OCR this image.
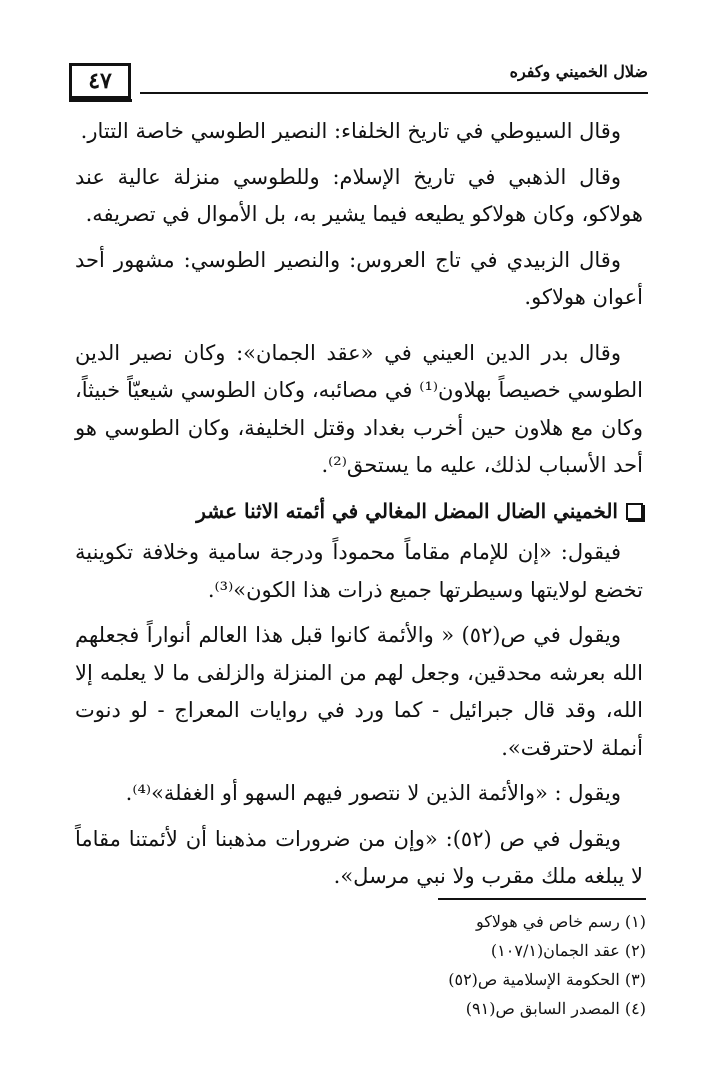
٤٧	ضلال الخميني وكفره

وقال السيوطي في تاريخ الخلفاء: النصير الطوسي خاصة التتار.

وقال الذهبي في تاريخ الإسلام: وللطوسي منزلة عالية عند هولاكو، وكان هولاكو يطيعه فيما يشير به، بل الأموال في تصريفه.

وقال الزبيدي في تاج العروس: والنصير الطوسي: مشهور أحد أعوان هولاكو.

وقال بدر الدين العيني في «عقد الجمان»: وكان نصير الدين الطوسي خصيصاً بهلاون⁽¹⁾ في مصائبه، وكان الطوسي شيعيّاً خبيثاً، وكان مع هلاون حين أخرب بغداد وقتل الخليفة، وكان الطوسي هو أحد الأسباب لذلك، عليه ما يستحق⁽²⁾.

الخميني الضال المضل المغالي في أئمته الاثنا عشر

فيقول: «إن للإمام مقاماً محموداً ودرجة سامية وخلافة تكوينية تخضع لولايتها وسيطرتها جميع ذرات هذا الكون»⁽³⁾.

ويقول في ص(٥٢) « والأئمة كانوا قبل هذا العالم أنواراً فجعلهم الله بعرشه محدقين، وجعل لهم من المنزلة والزلفى ما لا يعلمه إلا الله، وقد قال جبرائيل - كما ورد في روايات المعراج - لو دنوت أنملة لاحترقت».

ويقول : «والأئمة الذين لا نتصور فيهم السهو أو الغفلة»⁽⁴⁾.

ويقول في ص (٥٢): «وإن من ضرورات مذهبنا أن لأئمتنا مقاماً لا يبلغه ملك مقرب ولا نبي مرسل».

(١) رسم خاص في هولاكو
(٢) عقد الجمان(١٠٧/١)
(٣) الحكومة الإسلامية ص(٥٢)
(٤) المصدر السابق ص(٩١)
